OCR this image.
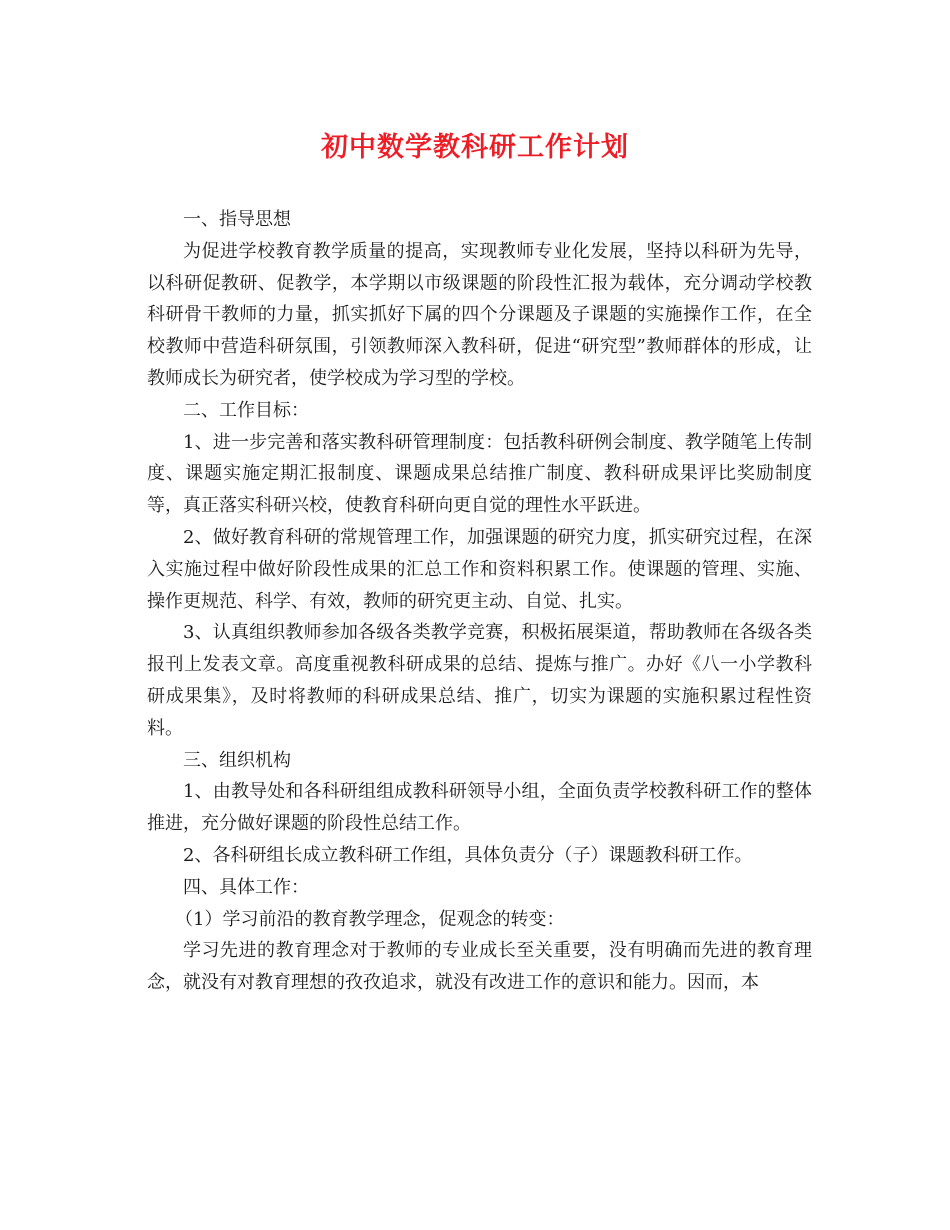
初中数学教科研工作计划

一、指导思想

为促进学校教育教学质量的提高，实现教师专业化发展，坚持以科研为先导，以科研促教研、促教学，本学期以市级课题的阶段性汇报为载体，充分调动学校教科研骨干教师的力量，抓实抓好下属的四个分课题及子课题的实施操作工作，在全校教师中营造科研氛围，引领教师深入教科研，促进“研究型”教师群体的形成，让教师成长为研究者，使学校成为学习型的学校。

二、工作目标：

1、进一步完善和落实教科研管理制度：包括教科研例会制度、教学随笔上传制度、课题实施定期汇报制度、课题成果总结推广制度、教科研成果评比奖励制度等，真正落实科研兴校，使教育科研向更自觉的理性水平跃进。

2、做好教育科研的常规管理工作，加强课题的研究力度，抓实研究过程，在深入实施过程中做好阶段性成果的汇总工作和资料积累工作。使课题的管理、实施、操作更规范、科学、有效，教师的研究更主动、自觉、扎实。

3、认真组织教师参加各级各类教学竞赛，积极拓展渠道，帮助教师在各级各类报刊上发表文章。高度重视教科研成果的总结、提炼与推广。办好《八一小学教科研成果集》，及时将教师的科研成果总结、推广，切实为课题的实施积累过程性资料。

三、组织机构

1、由教导处和各科研组组成教科研领导小组，全面负责学校教科研工作的整体推进，充分做好课题的阶段性总结工作。

2、各科研组长成立教科研工作组，具体负责分（子）课题教科研工作。

四、具体工作：

（1）学习前沿的教育教学理念，促观念的转变：

学习先进的教育理念对于教师的专业成长至关重要，没有明确而先进的教育理念，就没有对教育理想的孜孜追求，就没有改进工作的意识和能力。因而，本
